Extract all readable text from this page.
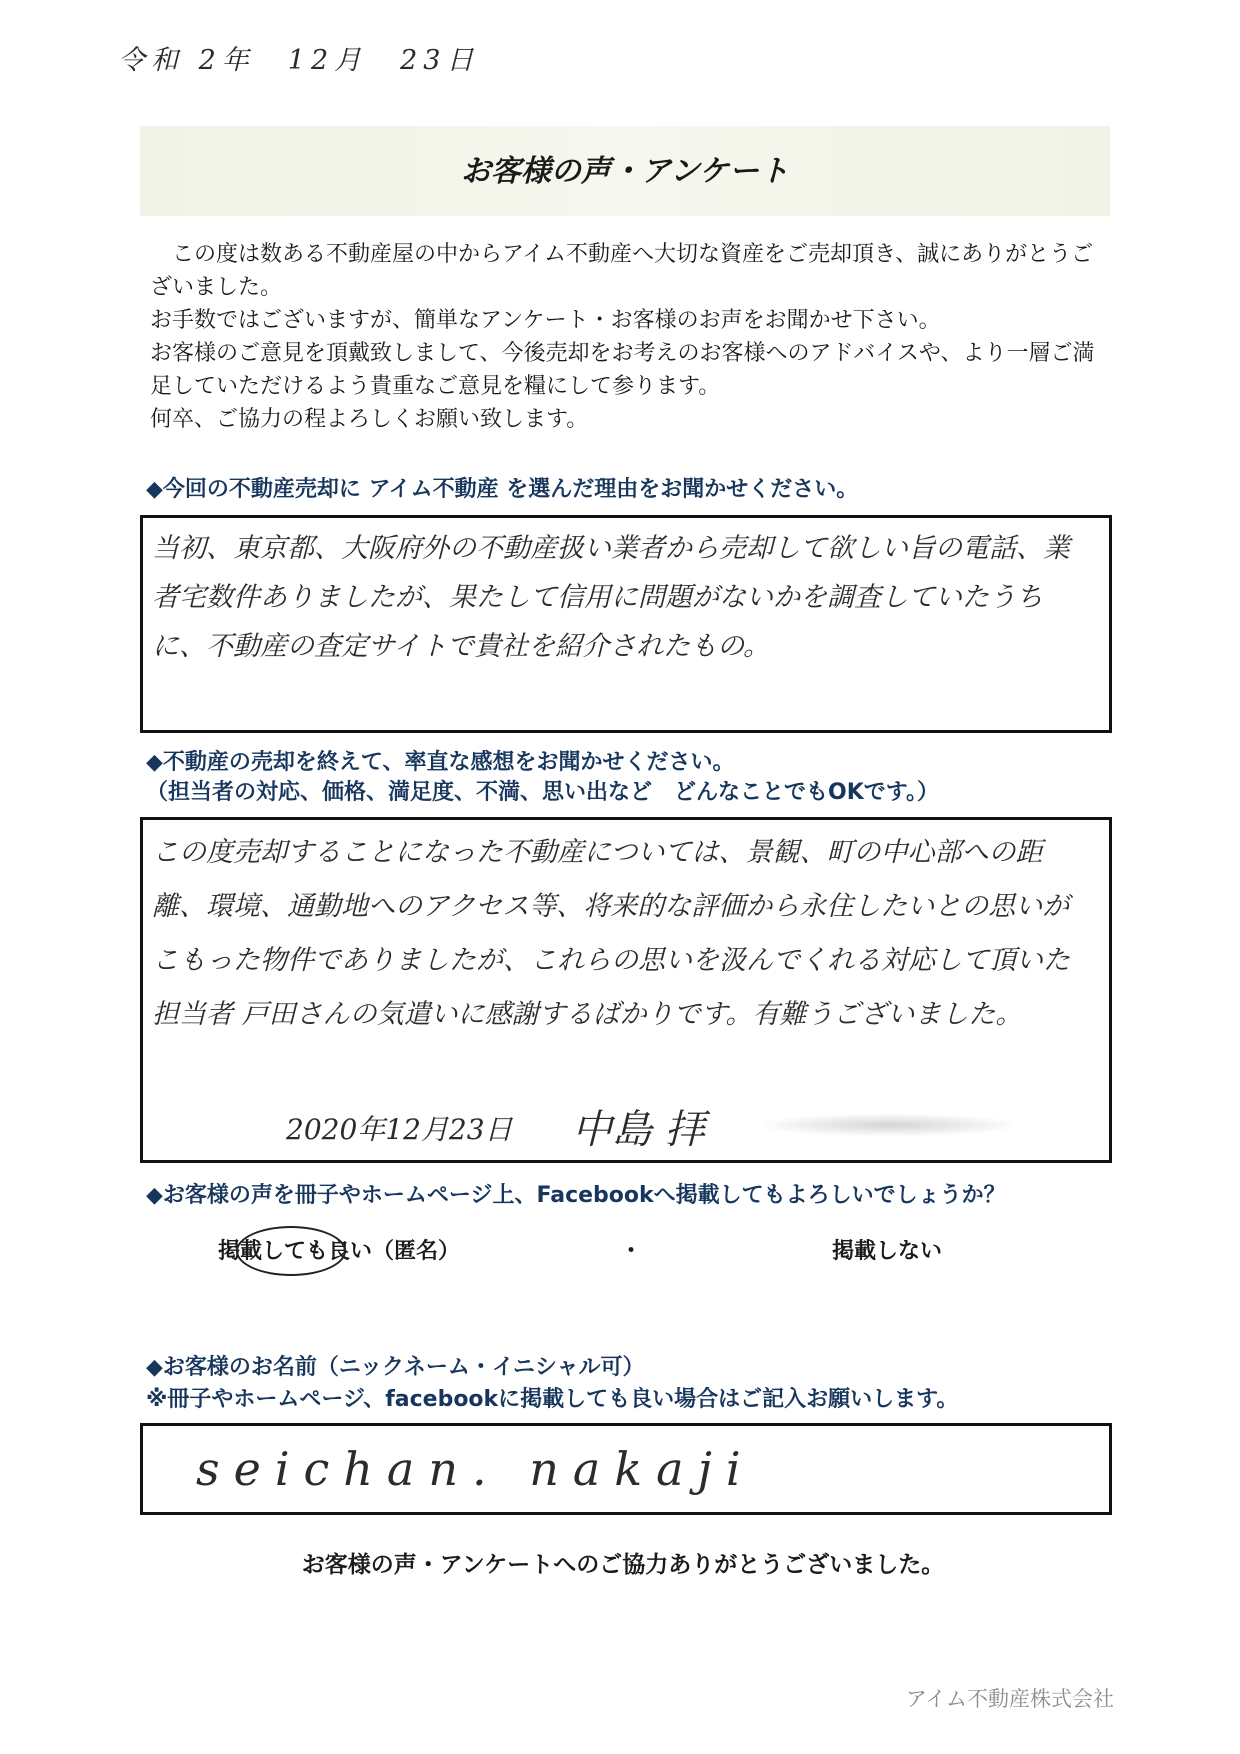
令和 2年　12月　23日
お客様の声・アンケート

この度は数ある不動産屋の中からアイム不動産へ大切な資産をご売却頂き、誠にありがとうございました。

お手数ではございますが、簡単なアンケート・お客様のお声をお聞かせ下さい。

お客様のご意見を頂戴致しまして、今後売却をお考えのお客様へのアドバイスや、より一層ご満足していただけるよう貴重なご意見を糧にして参ります。

何卒、ご協力の程よろしくお願い致します。

◆今回の不動産売却に アイム不動産 を選んだ理由をお聞かせください。
当初、東京都、大阪府外の不動産扱い業者から売却して欲しい旨の電話、業者宅数件ありましたが、果たして信用に問題がないかを調査していたうちに、不動産の査定サイトで貴社を紹介されたもの。
◆不動産の売却を終えて、率直な感想をお聞かせください。
（担当者の対応、価格、満足度、不満、思い出など　どんなことでもOKです。）
この度売却することになった不動産については、景観、町の中心部への距離、環境、通勤地へのアクセス等、将来的な評価から永住したいとの思いがこもった物件でありましたが、これらの思いを汲んでくれる対応して頂いた担当者 戸田さんの気遣いに感謝するばかりです。有難うございました。
2020年12月23日 中島 拝
◆お客様の声を冊子やホームページ上、Facebookへ掲載してもよろしいでしょうか？
掲載しても良い（匿名）	・	掲載しない
◆お客様のお名前（ニックネーム・イニシャル可）
※冊子やホームページ、facebookに掲載しても良い場合はご記入お願いします。
seichan. nakaji
お客様の声・アンケートへのご協力ありがとうございました。
アイム不動産株式会社
